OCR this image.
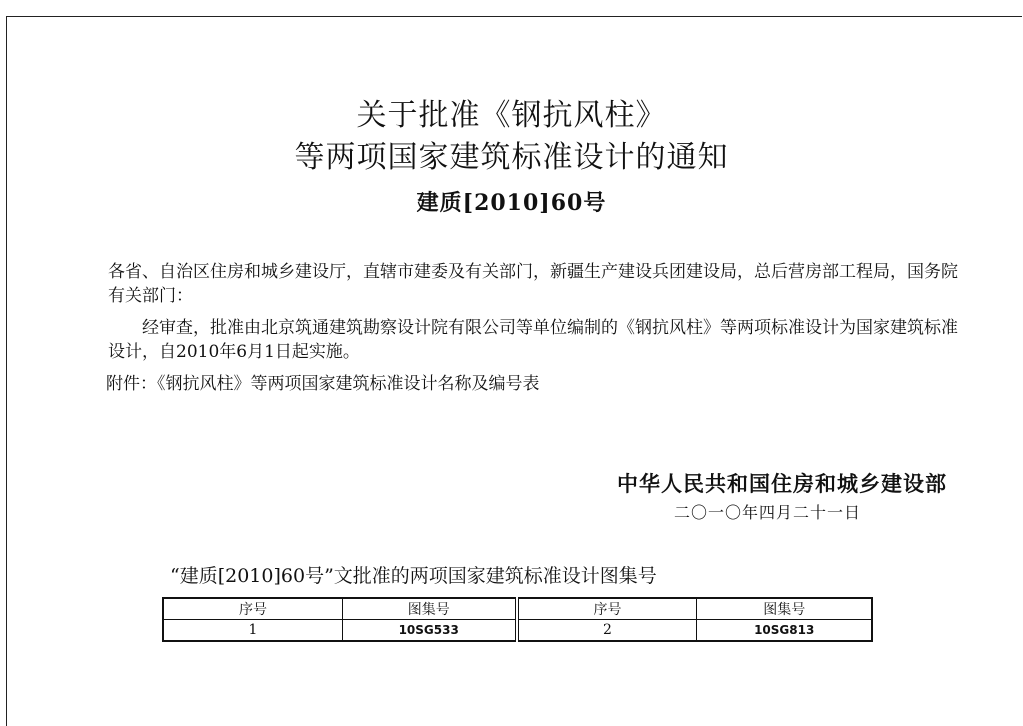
关于批准《钢抗风柱》
等两项国家建筑标准设计的通知
建质[2010]60号
各省、自治区住房和城乡建设厅，直辖市建委及有关部门，新疆生产建设兵团建设局，总后营房部工程局，国务院有关部门：
经审查，批准由北京筑通建筑勘察设计院有限公司等单位编制的《钢抗风柱》等两项标准设计为国家建筑标准设计，自2010年6月1日起实施。
附件：《钢抗风柱》等两项国家建筑标准设计名称及编号表
中华人民共和国住房和城乡建设部
二〇一〇年四月二十一日
“建质[2010]60号”文批准的两项国家建筑标准设计图集号
序号	图集号	序号	图集号
1	10SG533	2	10SG813
